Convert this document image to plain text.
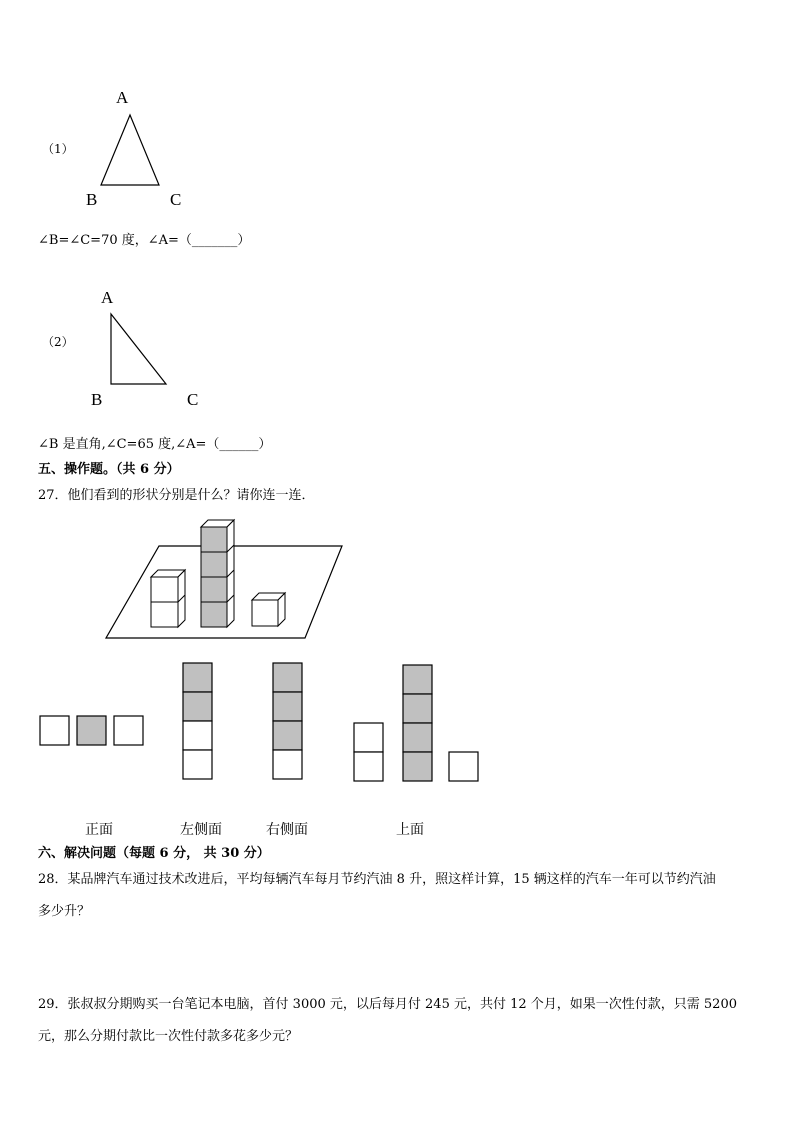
（1）
A
B	C
∠B=∠C=70 度，∠A=（_______）
（2）
A
B	C
∠B 是直角,∠C=65 度,∠A=（______）
五、操作题。（共 6 分）
27．他们看到的形状分别是什么？请你连一连．
正面	左侧面	右侧面	上面
六、解决问题（每题 6 分， 共 30 分）
28．某品牌汽车通过技术改进后，平均每辆汽车每月节约汽油 8 升，照这样计算，15 辆这样的汽车一年可以节约汽油
多少升？
29．张叔叔分期购买一台笔记本电脑，首付 3000 元，以后每月付 245 元，共付 12 个月，如果一次性付款，只需 5200
元，那么分期付款比一次性付款多花多少元？
